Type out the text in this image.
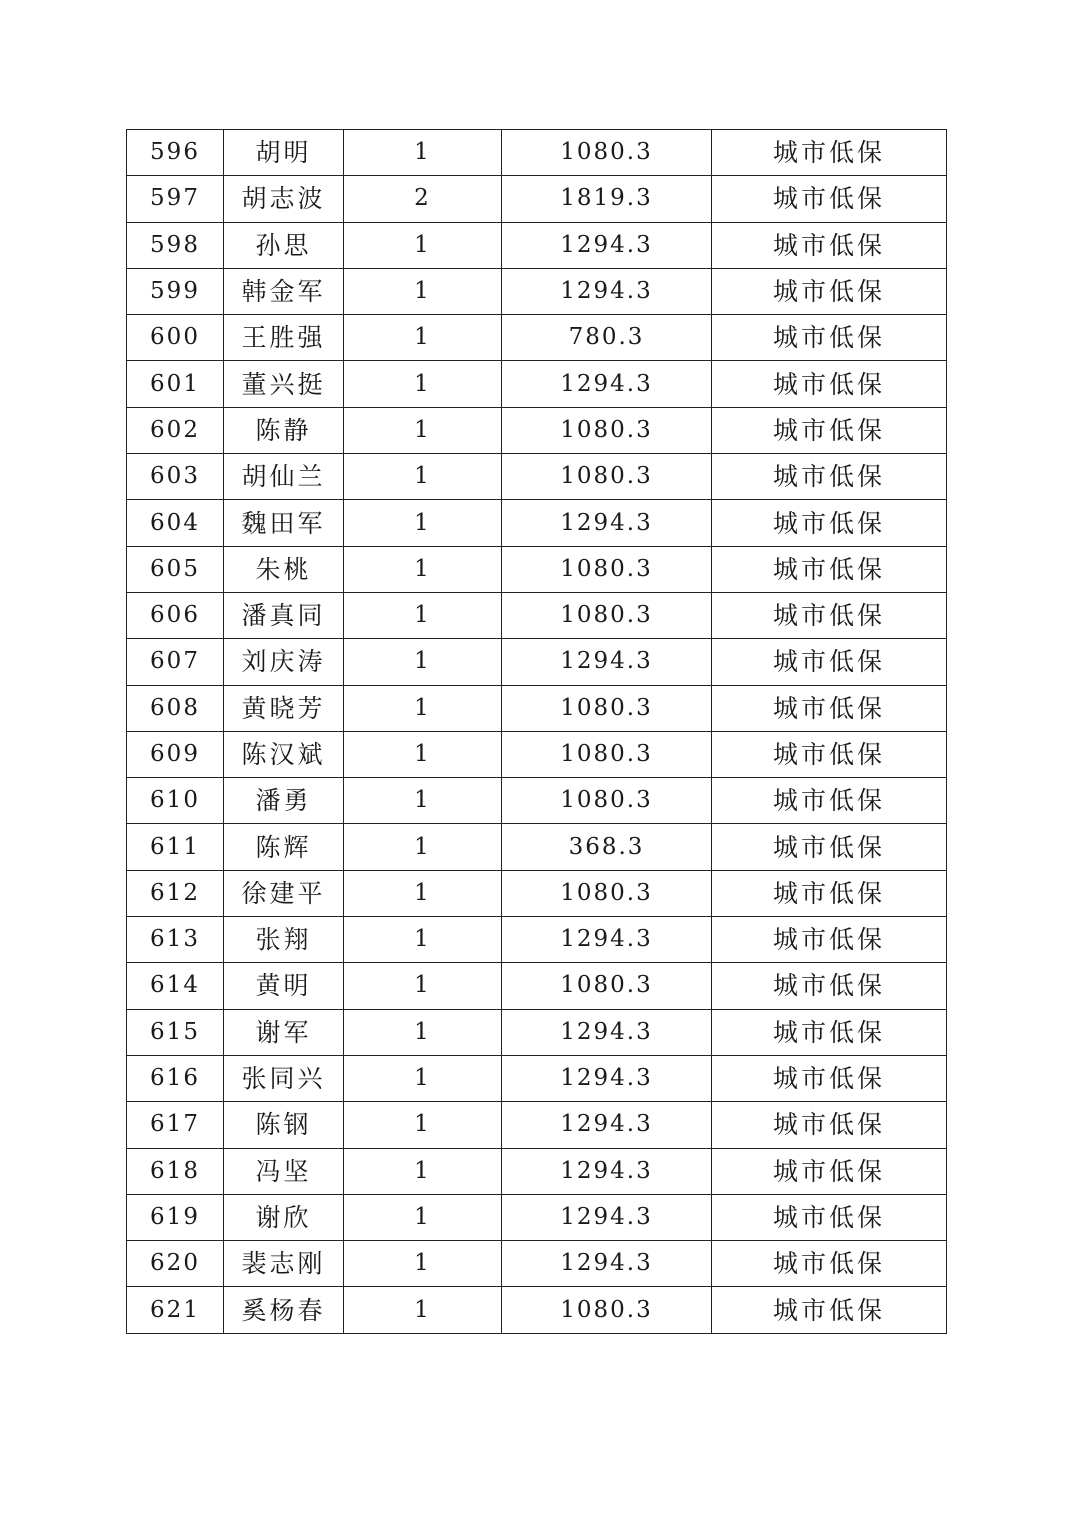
596	胡明	1	1080.3	城市低保
597	胡志波	2	1819.3	城市低保
598	孙思	1	1294.3	城市低保
599	韩金军	1	1294.3	城市低保
600	王胜强	1	780.3	城市低保
601	董兴挺	1	1294.3	城市低保
602	陈静	1	1080.3	城市低保
603	胡仙兰	1	1080.3	城市低保
604	魏田军	1	1294.3	城市低保
605	朱桃	1	1080.3	城市低保
606	潘真同	1	1080.3	城市低保
607	刘庆涛	1	1294.3	城市低保
608	黄晓芳	1	1080.3	城市低保
609	陈汉斌	1	1080.3	城市低保
610	潘勇	1	1080.3	城市低保
611	陈辉	1	368.3	城市低保
612	徐建平	1	1080.3	城市低保
613	张翔	1	1294.3	城市低保
614	黄明	1	1080.3	城市低保
615	谢军	1	1294.3	城市低保
616	张同兴	1	1294.3	城市低保
617	陈钢	1	1294.3	城市低保
618	冯坚	1	1294.3	城市低保
619	谢欣	1	1294.3	城市低保
620	裴志刚	1	1294.3	城市低保
621	奚杨春	1	1080.3	城市低保
